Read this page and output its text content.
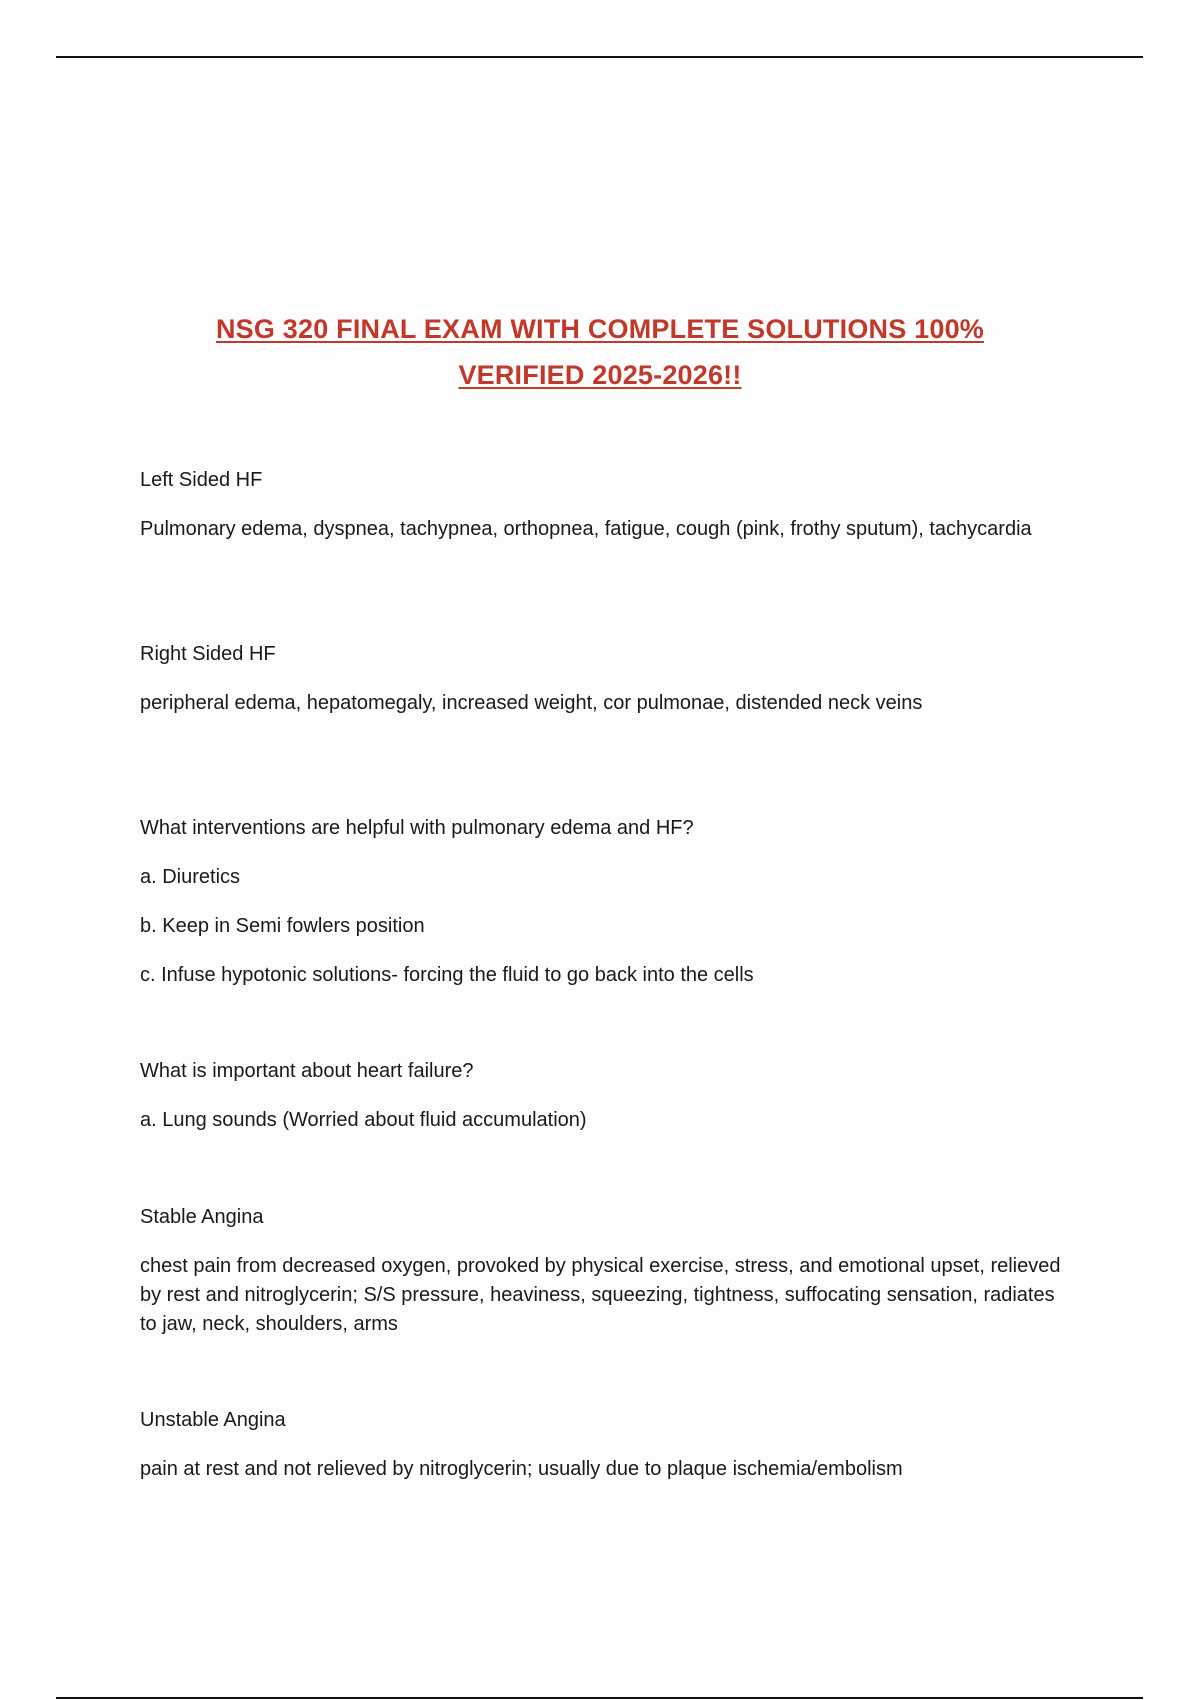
NSG 320 FINAL EXAM WITH COMPLETE SOLUTIONS 100%
VERIFIED 2025-2026!!
Left Sided HF
Pulmonary edema, dyspnea, tachypnea, orthopnea, fatigue, cough (pink, frothy sputum), tachycardia
Right Sided HF
peripheral edema, hepatomegaly, increased weight, cor pulmonae, distended neck veins
What interventions are helpful with pulmonary edema and HF?
a. Diuretics
b. Keep in Semi fowlers position
c. Infuse hypotonic solutions- forcing the fluid to go back into the cells
What is important about heart failure?
a. Lung sounds (Worried about fluid accumulation)
Stable Angina
chest pain from decreased oxygen, provoked by physical exercise, stress, and emotional upset, relieved by rest and nitroglycerin; S/S pressure, heaviness, squeezing, tightness, suffocating sensation, radiates to jaw, neck, shoulders, arms
Unstable Angina
pain at rest and not relieved by nitroglycerin; usually due to plaque ischemia/embolism
